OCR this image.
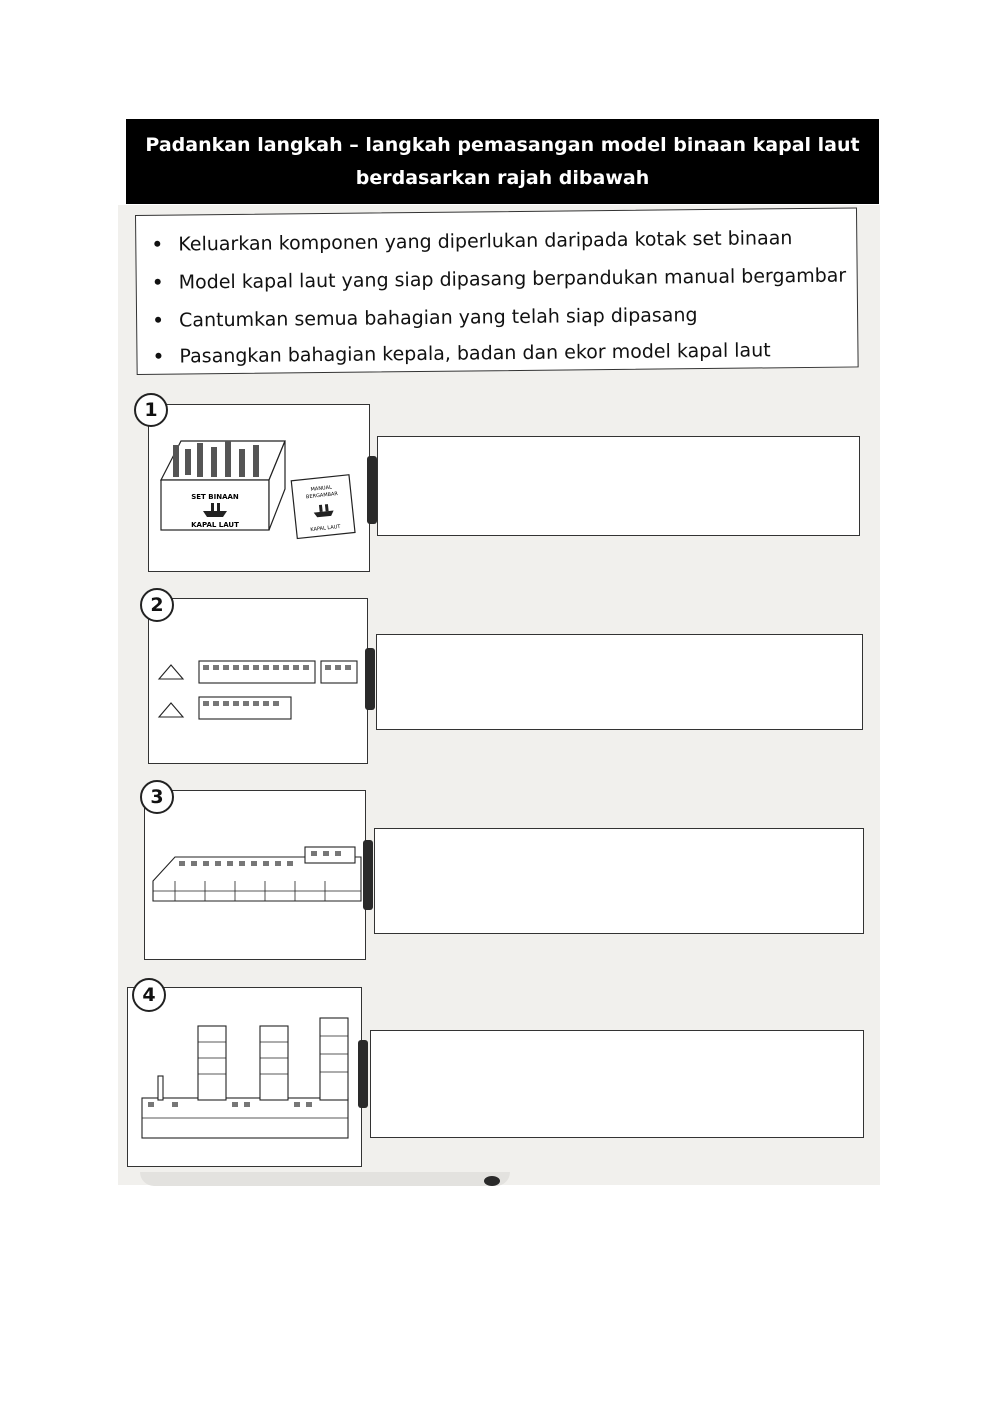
Padankan langkah – langkah pemasangan model binaan kapal laut
berdasarkan rajah dibawah
Keluarkan komponen yang diperlukan daripada kotak set binaan
Model kapal laut yang siap dipasang berpandukan manual bergambar
Cantumkan semua bahagian yang telah siap dipasang
Pasangkan bahagian kepala, badan dan ekor model kapal laut
1
SET BINAAN
KAPAL LAUT
MANUAL
BERGAMBAR
KAPAL LAUT
2
3
4
